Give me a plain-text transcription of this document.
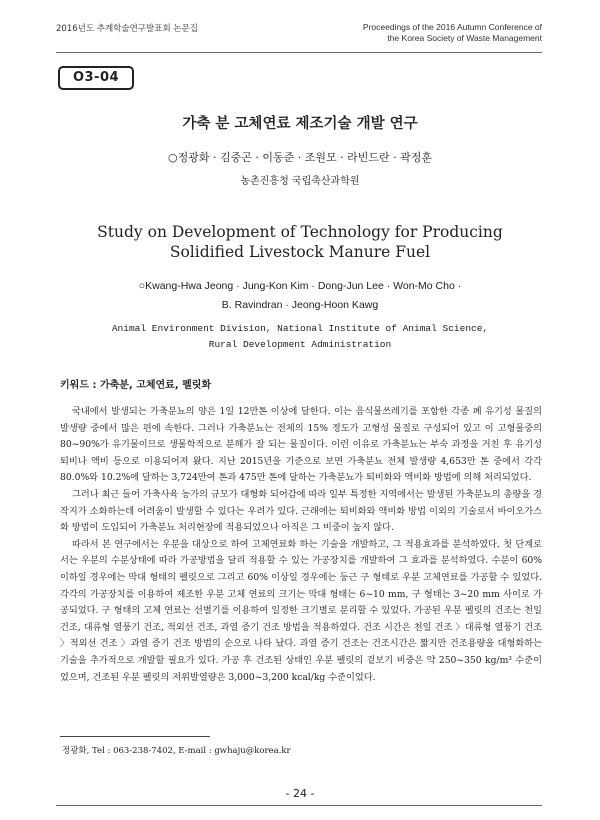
2016년도 추계학술연구발표회 논문집	Proceedings of the 2016 Autumn Conference of
the Korea Society of Waste Management
O3-04
가축 분 고체연료 제조기술 개발 연구
○정광화 · 김중곤 · 이동준 · 조원모 · 라빈드란 · 곽정훈
농촌진흥청 국립축산과학원
Study on Development of Technology for Producing
Solidified Livestock Manure Fuel
○Kwang-Hwa Jeong · Jung-Kon Kim · Dong-Jun Lee · Won-Mo Cho ·
B. Ravindran · Jeong-Hoon Kawg
Animal Environment Division, National Institute of Animal Science,
Rural Development Administration
키워드 : 가축분, 고체연료, 펠릿화

국내에서 발생되는 가축분뇨의 양은 1일 12만톤 이상에 달한다. 이는 음식물쓰레기를 포함한 각종 폐 유기성 물질의 발생량 중에서 많은 편에 속한다. 그러나 가축분뇨는 전체의 15% 정도가 고형성 물질로 구성되어 있고 이 고형물중의 80~90%가 유기물이므로 생물학적으로 분해가 잘 되는 물질이다. 이런 이유로 가축분뇨는 부숙 과정을 거친 후 유기성 퇴비나 액비 등으로 이용되어져 왔다. 지난 2015년을 기준으로 보면 가축분뇨 전체 발생량 4,653만 톤 중에서 각각 80.0%와 10.2%에 달하는 3,724만여 톤과 475만 톤에 달하는 가축분뇨가 퇴비화와 액비화 방법에 의해 처리되었다.

그러나 최근 들어 가축사육 농가의 규모가 대형화 되어감에 따라 일부 특정한 지역에서는 발생된 가축분뇨의 총량을 경작지가 소화하는데 어려움이 발생할 수 있다는 우려가 있다. 근래에는 퇴비화와 액비화 방법 이외의 기술로서 바이오가스화 방법이 도입되어 가축분뇨 처리현장에 적용되었으나 아직은 그 비중이 높지 않다.

따라서 본 연구에서는 우분을 대상으로 하여 고체연료화 하는 기술을 개발하고, 그 적용효과를 분석하였다. 첫 단계로서는 우분의 수분상태에 따라 가공방법을 달리 적용할 수 있는 가공장치를 개발하여 그 효과를 분석하였다. 수분이 60% 이하일 경우에는 막대 형태의 펠릿으로 그리고 60% 이상일 경우에는 둥근 구 형태로 우분 고체연료를 가공할 수 있었다. 각각의 가공장치를 이용하여 제조한 우분 고체 연료의 크기는 막대 형태는 6~10 mm, 구 형태는 3~20 mm 사이로 가공되었다. 구 형태의 고체 연료는 선별기를 이용하여 일정한 크기별로 분리할 수 있었다. 가공된 우분 펠릿의 건조는 천일 건조, 대류형 열풍기 건조, 적외선 건조, 과열 증기 건조 방법을 적용하였다. 건조 시간은 천일 건조 〉대류형 열풍기 건조 〉적외선 건조 〉과열 증기 건조 방법의 순으로 나타 났다. 과열 증기 건조는 건조시간은 짧지만 건조용량을 대형화하는 기술을 추가적으로 개발할 필요가 있다. 가공 후 건조된 상태인 우분 펠릿의 겉보기 비중은 약 250~350 kg/m³ 수준이었으며, 건조된 우분 펠릿의 저위발열량은 3,000~3,200 kcal/kg 수준이었다.

정광화, Tel : 063-238-7402, E-mail : gwhaju@korea.kr
- 24 -
